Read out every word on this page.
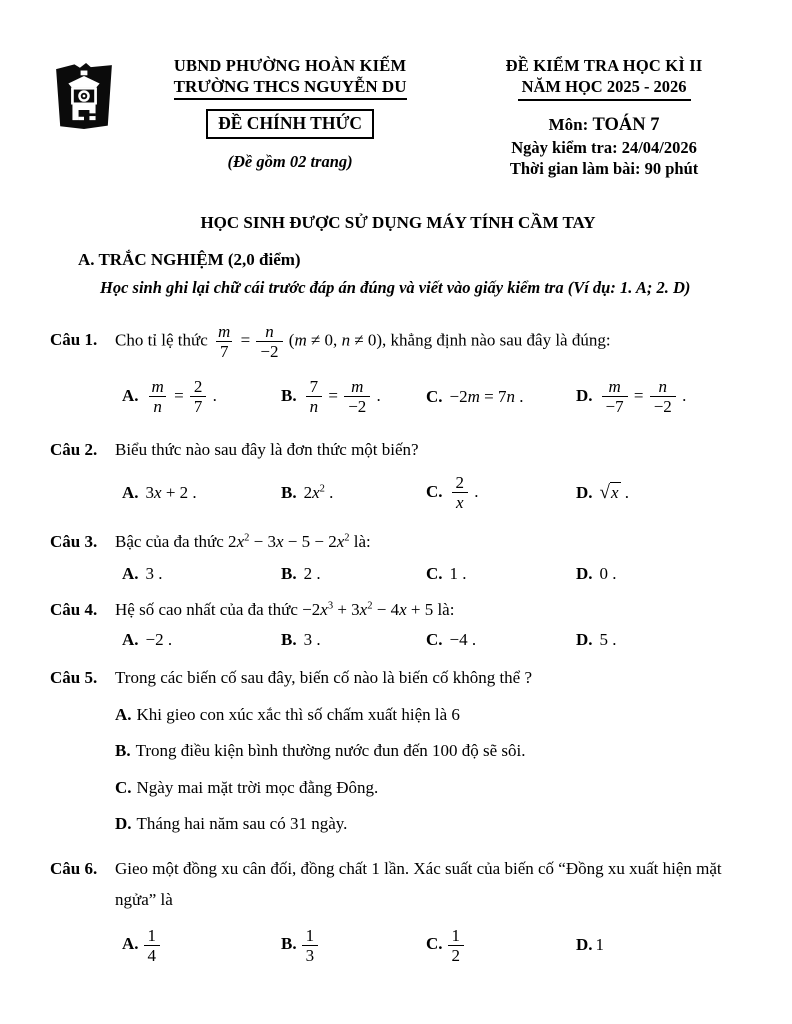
UBND PHƯỜNG HOÀN KIẾM
TRƯỜNG THCS NGUYỄN DU
ĐỀ CHÍNH THỨC
(Đề gồm 02 trang)
ĐỀ KIỂM TRA HỌC KÌ II
NĂM HỌC 2025 - 2026
Môn: TOÁN 7
Ngày kiểm tra: 24/04/2026
Thời gian làm bài: 90 phút
HỌC SINH ĐƯỢC SỬ DỤNG MÁY TÍNH CẦM TAY
A. TRẮC NGHIỆM (2,0 điểm)
Học sinh ghi lại chữ cái trước đáp án đúng và viết vào giấy kiểm tra (Ví dụ: 1. A; 2. D)
Câu 1.	Cho tỉ lệ thức $\frac{m}{7} = \frac{n}{-2} (m \ne 0$, n ≠ 0), khẳng định nào sau đây là đúng:
A. $\frac{m}{n} = \frac{2}{7}$ .	B. $\frac{7}{n} = \frac{m}{-2}$ .	C. −2m = 7n .	D. $\frac{m}{-7} = \frac{n}{-2}$ .
Câu 2.	Biểu thức nào sau đây là đơn thức một biến?
A. 3x + 2 .	B. $2x^2$ .	C. $\frac{2}{x}$ .	D. √x .
Câu 3.	Bậc của đa thức $2x^2 - 3x - 5 - 2x^2$ là:
A. 3 .	B. 2 .	C. 1 .	D. 0 .
Câu 4.	Hệ số cao nhất của đa thức $-2x^3 + 3x^2 - 4x + 5$ là:
A. −2 .	B. 3 .	C. −4 .	D. 5 .
Câu 5.	Trong các biến cố sau đây, biến cố nào là biến cố không thể ?
A. Khi gieo con xúc xắc thì số chấm xuất hiện là 6
B. Trong điều kiện bình thường nước đun đến 100 độ sẽ sôi.
C. Ngày mai mặt trời mọc đằng Đông.
D. Tháng hai năm sau có 31 ngày.
Câu 6.	Gieo một đồng xu cân đối, đồng chất 1 lần. Xác suất của biến cố “Đồng xu xuất hiện mặt ngửa” là
A. $\frac{1}{4}$	B. $\frac{1}{3}$	C. $\frac{1}{2}$	D. 1
